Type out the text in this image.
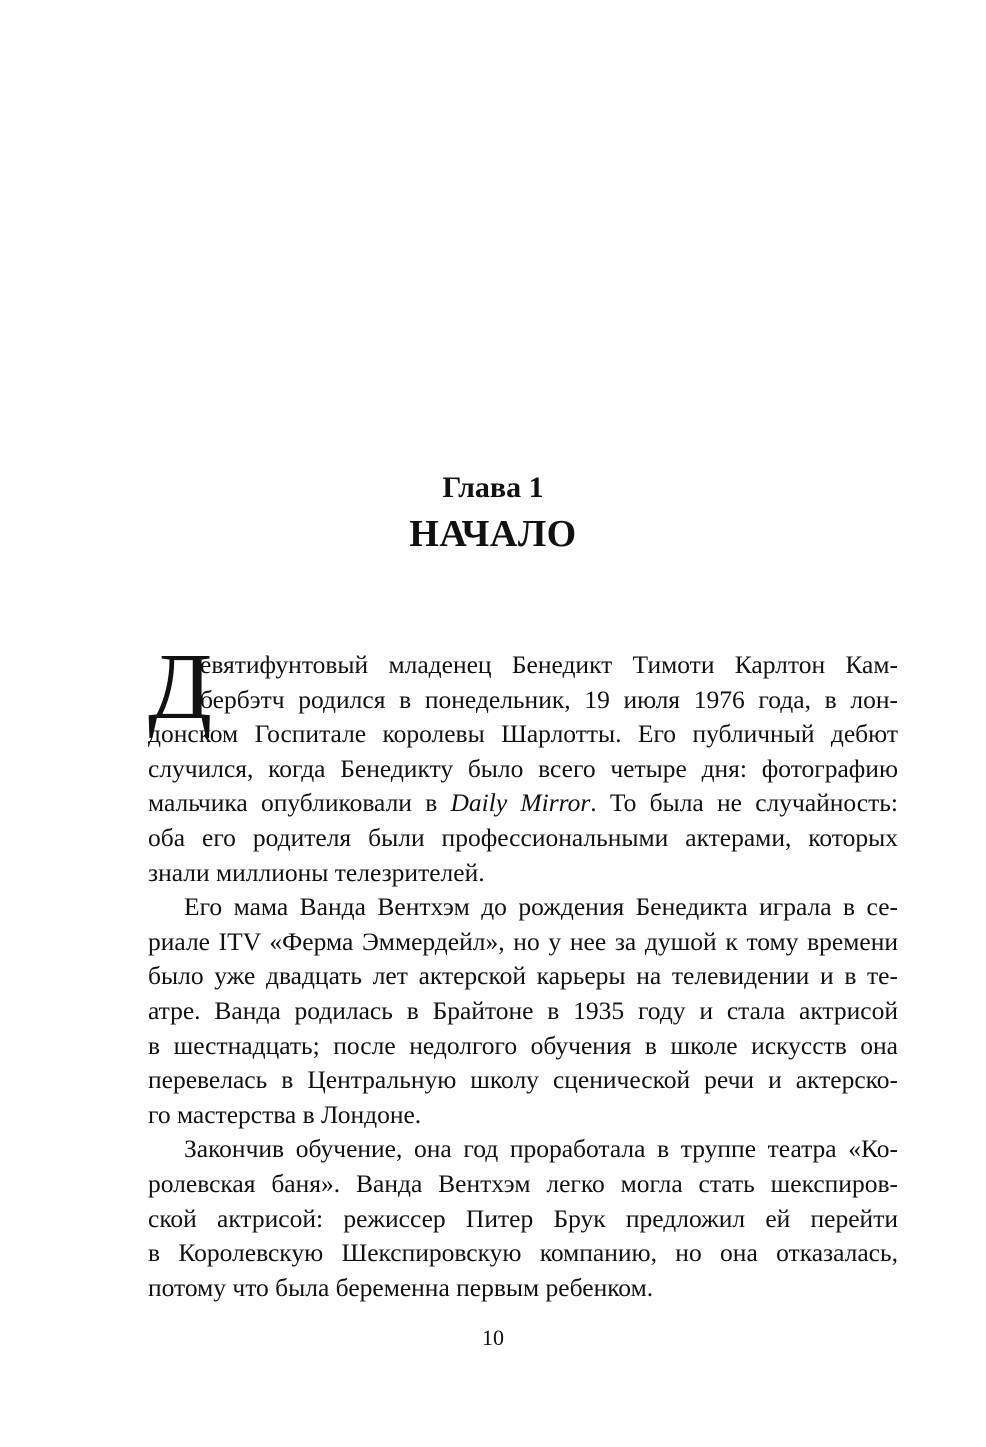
Глава 1
НАЧАЛО
Д
евятифунтовый младенец Бенедикт Тимоти Карлтон Кам-
бербэтч родился в понедельник, 19 июля 1976 года, в лон-
донском Госпитале королевы Шарлотты. Его публичный дебют
случился, когда Бенедикту было всего четыре дня: фотографию
мальчика опубликовали в Daily Mirror. То была не случайность:
оба его родителя были профессиональными актерами, которых
знали миллионы телезрителей.
Его мама Ванда Вентхэм до рождения Бенедикта играла в се-
риале ITV «Ферма Эммердейл», но у нее за душой к тому времени
было уже двадцать лет актерской карьеры на телевидении и в те-
атре. Ванда родилась в Брайтоне в 1935 году и стала актрисой
в шестнадцать; после недолгого обучения в школе искусств она
перевелась в Центральную школу сценической речи и актерско-
го мастерства в Лондоне.
Закончив обучение, она год проработала в труппе театра «Ко-
ролевская баня». Ванда Вентхэм легко могла стать шекспиров-
ской актрисой: режиссер Питер Брук предложил ей перейти
в Королевскую Шекспировскую компанию, но она отказалась,
потому что была беременна первым ребенком.
10
